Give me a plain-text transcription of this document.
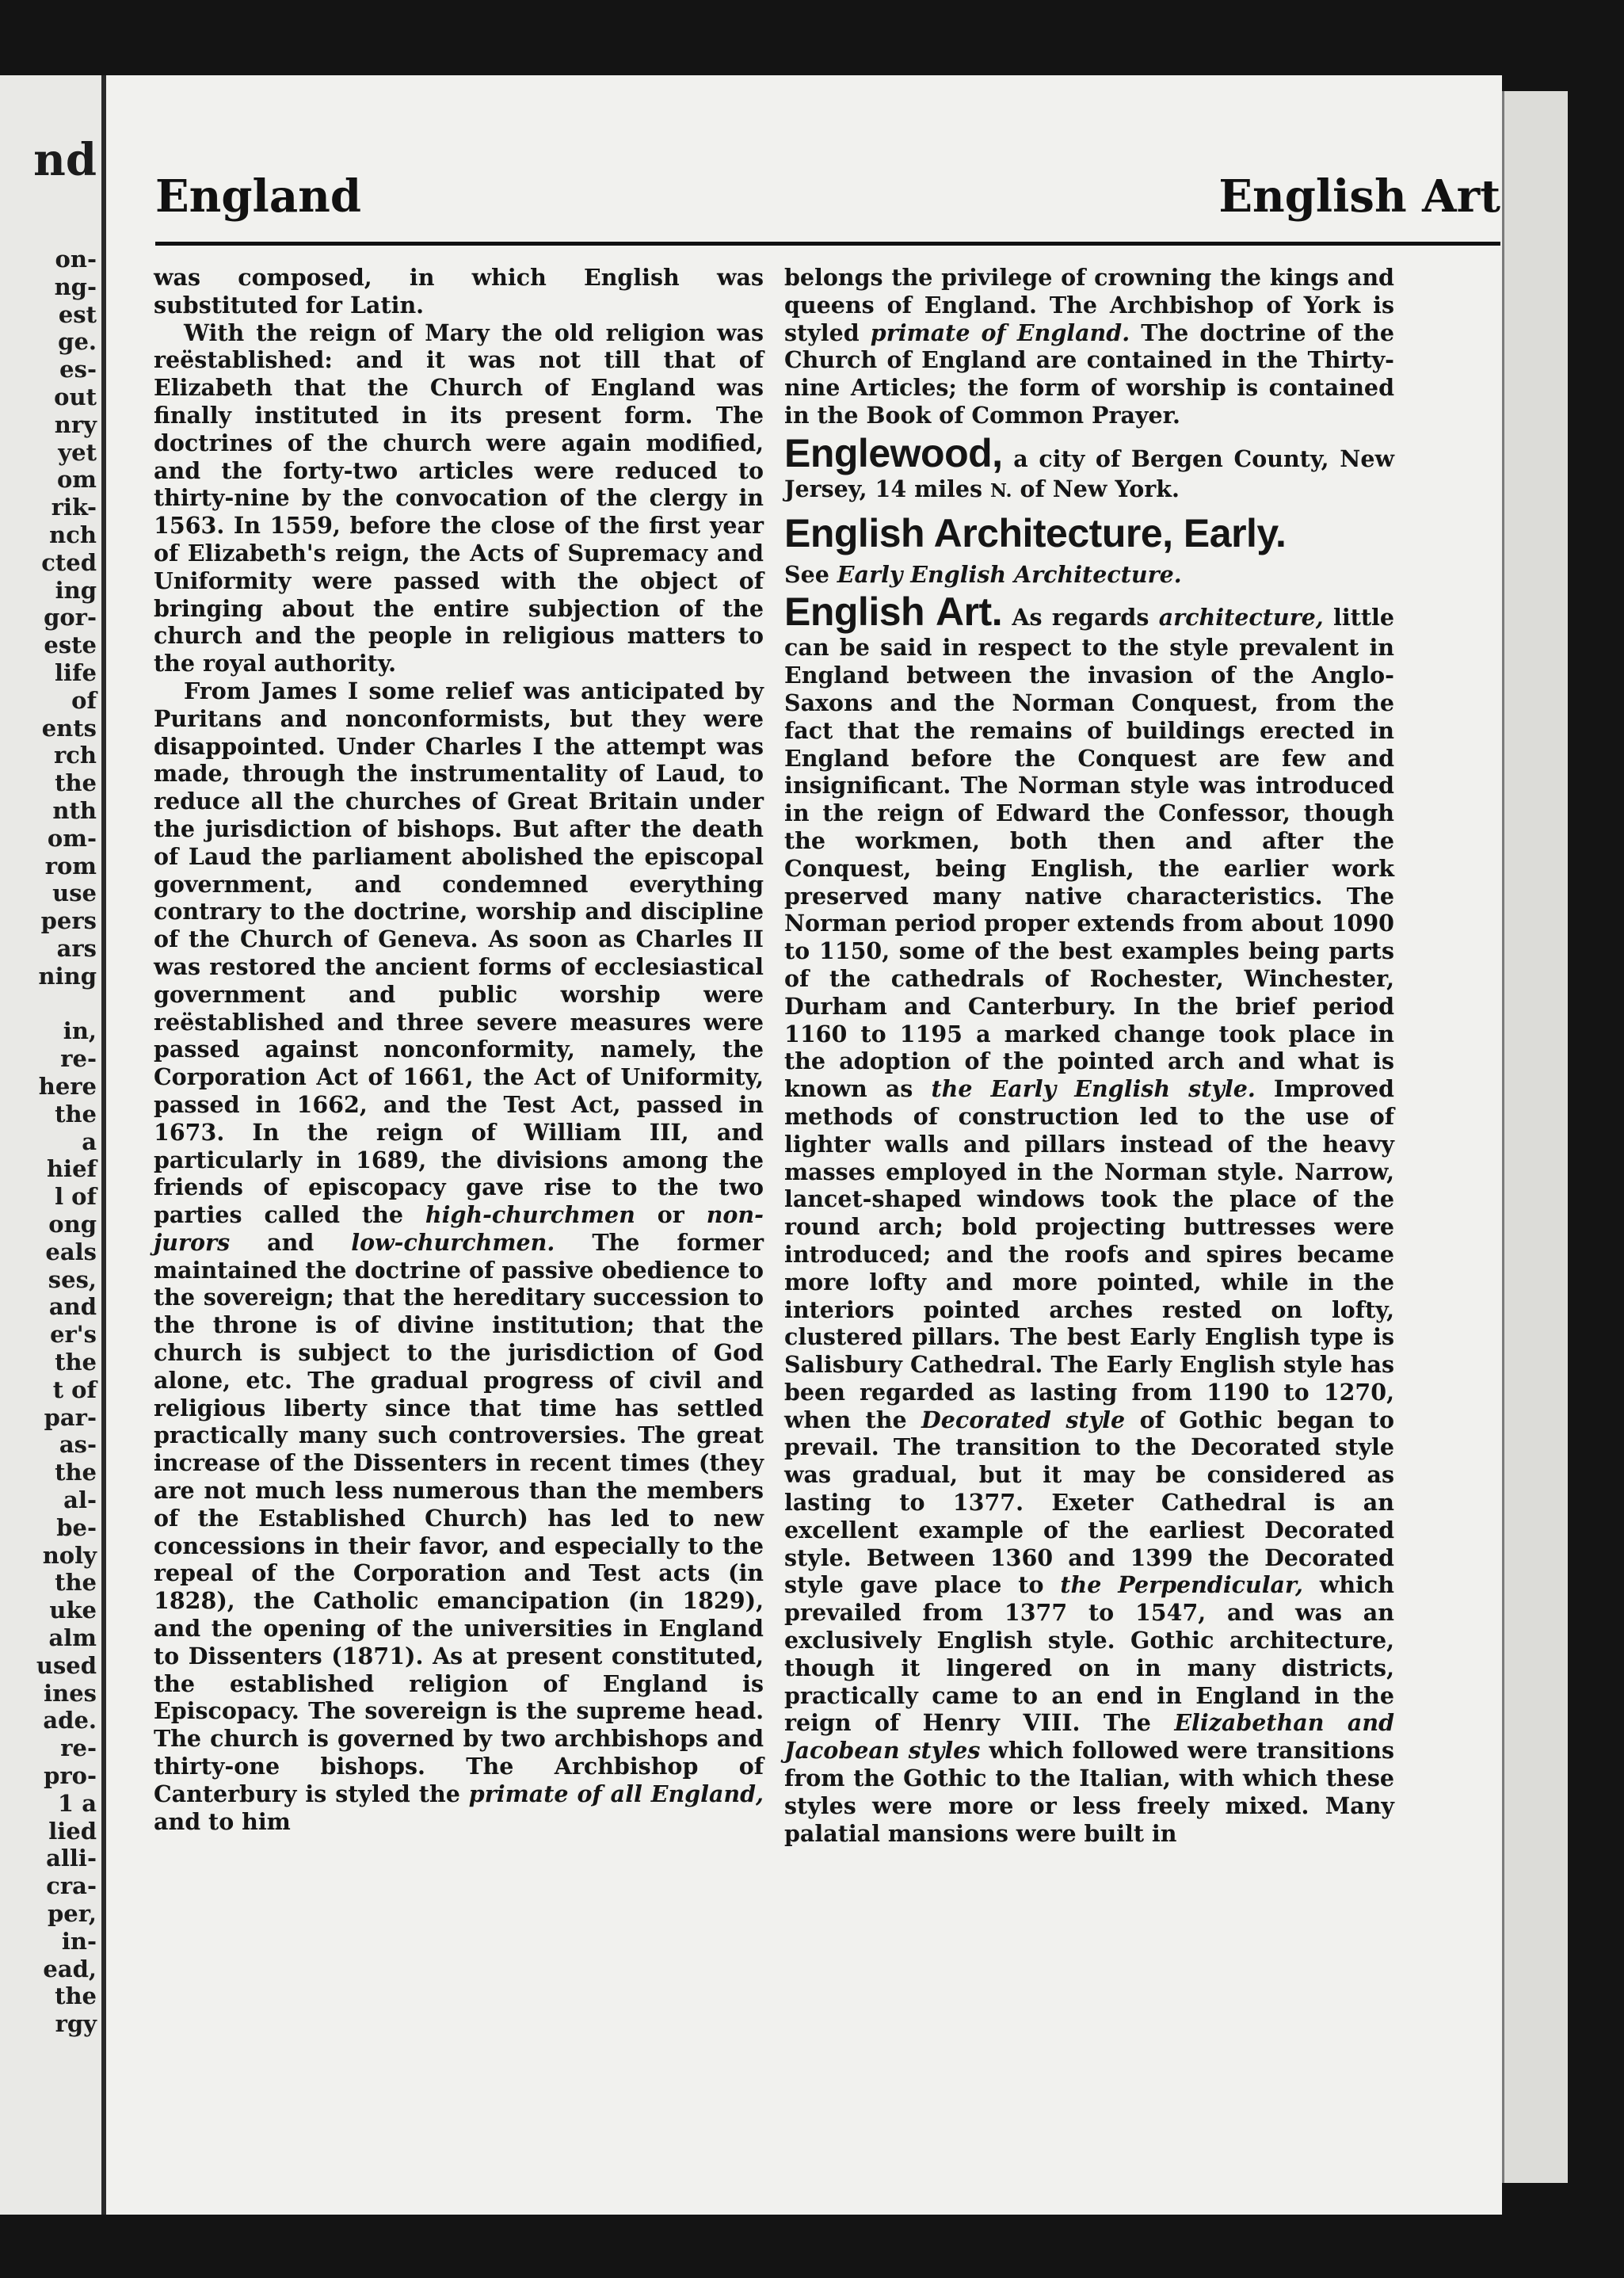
nd
on-
ng-
est
ge.
es-
out
nry
yet
om
rik-
nch
cted
ing
gor-
este
life
of
ents
rch
the
nth
om-
rom
use
pers
ars
ning
in,
re-
here
the
a
hief
l of
ong
eals
ses,
and
er's
the
t of
par-
as-
the
al-
be-
noly
the
uke
alm
used
ines
ade.
re-
pro-
1 a
lied
alli-
cra-
per,
in-
ead,
the
rgy
England	English Art

was composed, in which English was substituted for Latin.

With the reign of Mary the old religion was reëstablished: and it was not till that of Elizabeth that the Church of England was finally instituted in its present form. The doctrines of the church were again modified, and the forty-two articles were reduced to thirty-nine by the convocation of the clergy in 1563. In 1559, before the close of the first year of Elizabeth's reign, the Acts of Supremacy and Uniformity were passed with the object of bringing about the entire subjection of the church and the people in religious matters to the royal authority.

From James I some relief was anticipated by Puritans and nonconformists, but they were disappointed. Under Charles I the attempt was made, through the instrumentality of Laud, to reduce all the churches of Great Britain under the jurisdiction of bishops. But after the death of Laud the parliament abolished the episcopal government, and condemned everything contrary to the doctrine, worship and discipline of the Church of Geneva. As soon as Charles II was restored the ancient forms of ecclesiastical government and public worship were reëstablished and three severe measures were passed against nonconformity, namely, the Corporation Act of 1661, the Act of Uniformity, passed in 1662, and the Test Act, passed in 1673. In the reign of William III, and particularly in 1689, the divisions among the friends of episcopacy gave rise to the two parties called the high-churchmen or non-jurors and low-churchmen. The former maintained the doctrine of passive obedience to the sovereign; that the hereditary succession to the throne is of divine institution; that the church is subject to the jurisdiction of God alone, etc. The gradual progress of civil and religious liberty since that time has settled practically many such controversies. The great increase of the Dissenters in recent times (they are not much less numerous than the members of the Established Church) has led to new concessions in their favor, and especially to the repeal of the Corporation and Test acts (in 1828), the Catholic emancipation (in 1829), and the opening of the universities in England to Dissenters (1871). As at present constituted, the established religion of England is Episcopacy. The sovereign is the supreme head. The church is governed by two archbishops and thirty-one bishops. The Archbishop of Canterbury is styled the primate of all England, and to him

belongs the privilege of crowning the kings and queens of England. The Archbishop of York is styled primate of England. The doctrine of the Church of England are contained in the Thirty-nine Articles; the form of worship is contained in the Book of Common Prayer.

Englewood, a city of Bergen County, New Jersey, 14 miles N. of New York.

English Architecture, Early.

See Early English Architecture.

English Art. As regards architecture, little can be said in respect to the style prevalent in England between the invasion of the Anglo-Saxons and the Norman Conquest, from the fact that the remains of buildings erected in England before the Conquest are few and insignificant. The Norman style was introduced in the reign of Edward the Confessor, though the workmen, both then and after the Conquest, being English, the earlier work preserved many native characteristics. The Norman period proper extends from about 1090 to 1150, some of the best examples being parts of the cathedrals of Rochester, Winchester, Durham and Canterbury. In the brief period 1160 to 1195 a marked change took place in the adoption of the pointed arch and what is known as the Early English style. Improved methods of construction led to the use of lighter walls and pillars instead of the heavy masses employed in the Norman style. Narrow, lancet-shaped windows took the place of the round arch; bold projecting buttresses were introduced; and the roofs and spires became more lofty and more pointed, while in the interiors pointed arches rested on lofty, clustered pillars. The best Early English type is Salisbury Cathedral. The Early English style has been regarded as lasting from 1190 to 1270, when the Decorated style of Gothic began to prevail. The transition to the Decorated style was gradual, but it may be considered as lasting to 1377. Exeter Cathedral is an excellent example of the earliest Decorated style. Between 1360 and 1399 the Decorated style gave place to the Perpendicular, which prevailed from 1377 to 1547, and was an exclusively English style. Gothic architecture, though it lingered on in many districts, practically came to an end in England in the reign of Henry VIII. The Elizabethan and Jacobean styles which followed were transitions from the Gothic to the Italian, with which these styles were more or less freely mixed. Many palatial mansions were built in
